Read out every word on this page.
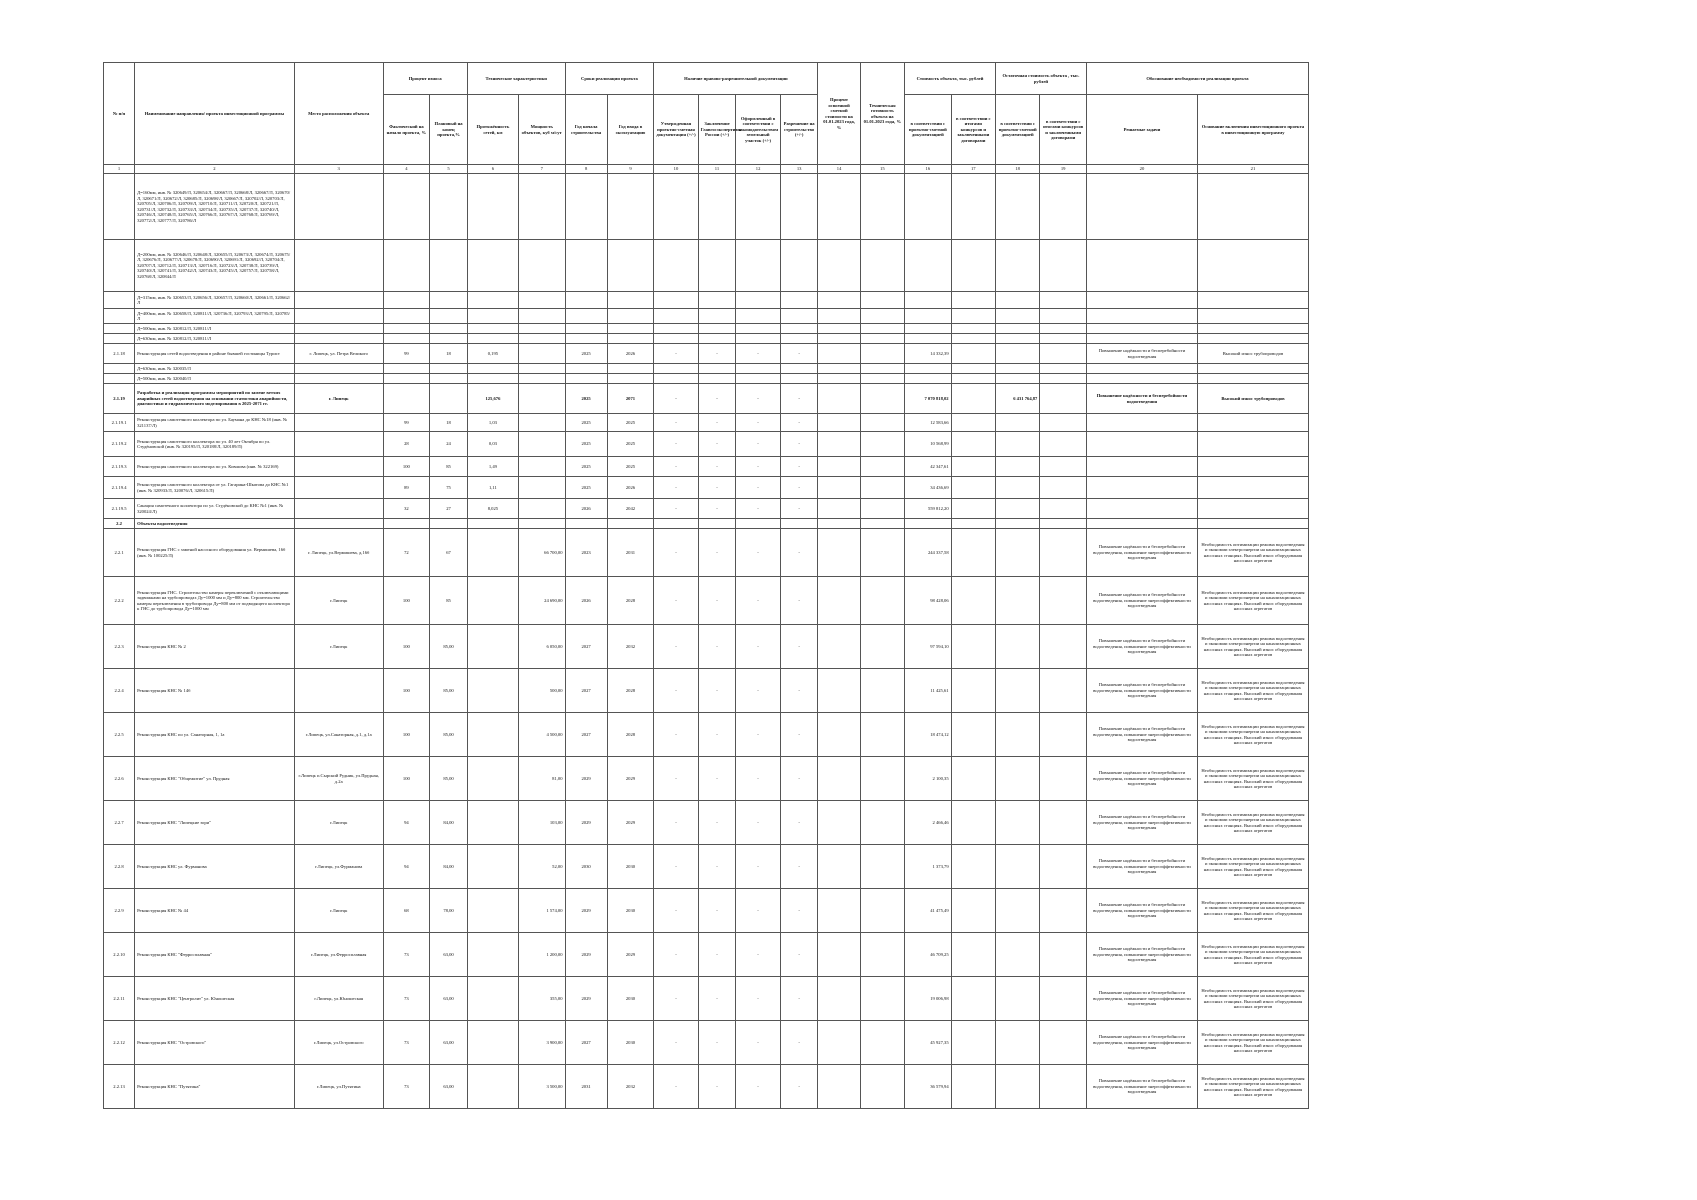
№ п/п	Наименование направления/ проекта инвестиционной программы	Место расположения объекта	Процент износа		Технические характеристики		Сроки реализации проекта		Наличие правово-разрешительной документации				Процент освоенной сметной стоимости на 01.01.2023 года, %	Техническая готовность объекта на 01.01.2023 года, %	Стоимость объекта, тыс. рублей		Остаточная стоимость объекта , тыс. рублей		Обоснование необходимости реализации проекта	
			Фактический на начало проекта, %	Плановый на конец проекта,%	Протяжённость сетей, км	Мощность объектов, куб м/сут	Год начала строительства	Год ввода в эксплуатацию	Утвержденная проектно-сметная документация (+/-)	Заключение Главгосэкспертизы России (+/-)	Оформленный в соответствии с законодательством земельный участок (+/-)	Разрешение на строительство (+/-)			в соответствии с проектно-сметной документацией	в соответствии с итогами конкурсов и заключенными договорами	в соответствии с проектно-сметной документацией	в соответствии с итогами конкурсов и заключенными договорами	Решаемые задачи	Основание включения инвестиционного проекта в инвестиционную программу
1	2	3	4	5	6	7	8	9	10	11	12	13	14	15	16	17	18	19	20	21
	Д=160мм, инв. № 320649/Л, 320654/Л, 320667/Л, 320668/Л, 320667/Л, 320670/Л, 320671/Л, 320672/Л, 320685/Л, 320698/Л, 320667/Л, 320702/Л, 320703/Л, 320705/Л, 320706/Л, 320709/Л, 320710/Л, 320711/Л, 320720/Л, 320721/Л, 320731/Л, 320732/Л, 320733/Л, 320734/Л, 320735/Л, 320737/Л, 320740/Л, 320746/Л, 320748/Л, 320765/Л, 320766/Л, 320767/Л, 320768/Л, 320769/Л, 320772/Л, 320777/Л, 320786/Л																			
	Д=200мм, инв. № 320646/Л, 320648/Л, 320655/Л, 320673/Л, 320674/Л, 320675/Л, 320676/Л, 320677/Л, 320678/Л, 320690/Л, 320691/Л, 320692/Л, 320704/Л, 320707/Л, 320712/Л, 320713/Л, 320716/Л, 320723/Л, 320738/Л, 320739/Л, 320740/Л, 320741/Л, 320742/Л, 320743/Л, 320745/Л, 320757/Л, 320758/Л, 320768/Л, 320844/Л																			
	Д=315мм, инв. № 320653/Л, 320656/Л, 320657/Л, 320660/Л, 320661/Л, 320662/Л																			
	Д=400мм, инв. № 320658/Л, 320811/Л, 320736/Л, 320793/Л, 320795/Л, 320785/Л																			
	Д=500мм, инв. № 320812/Л, 320811/Л																			
	Д=630мм, инв. № 320812/Л, 320811/Л																			
2.1.18	Реконструкция сетей водоотведения в районе бывшей гостиницы Турист	г. Липецк, ул. Петра Великого	99	18	0,195		2025	2026	-	-	-	-			14 332,39				Повышение надёжности и бесперебойности водоотведения	Высокий износ трубопроводов
	Д=630мм, инв. № 320035/Л																			
	Д=500мм, инв. № 320040/Л																			
2.1.19	Разработка и реализация программы мероприятий по замене ветхих аварийных сетей водоотведения на основании статистики аварийности, диагностики и гидравлического моделирования в 2025-2071 гг.	г. Липецк			125,676		2025	2071	-	-	-	-			7 070 818,02		6 431 764,87		Повышение надёжности и бесперебойности водоотведения	Высокий износ трубопроводов
2.1.19.1	Реконструкция самотечного коллектора по ул. Баумана до КНС №18 (инв. № 321137/Л)		99	18	1,03		2025	2025	-	-	-	-			12 583,66					
2.1.19.2	Реконструкция самотечного коллектора по ул. 40 лет Октября по ул. Студёновской (инв. № 320195/Л, 320188/Л, 320189/Л)		28	24	0,03		2025	2025	-	-	-	-			10 568,99					
2.1.19.3	Реконструкция самотечного коллектора по ул. Ковшова (инв. № 322169)		100	85	1,49		2025	2025	-	-	-	-			42 347,61					
2.1.19.4	Реконструкция самотечного коллектора от ул. Гагарина-Шкатова до КНС №1 (инв. № 320933/Л, 320076/Л, 320615/Л)		89	75	1,11		2025	2026	-	-	-	-			34 436,69					
2.1.19.5	Санация самотечного коллектора по ул. Студёновской до КНС №1 (инв. № 320024/Л)		32	27	8,025		2026	2042	-	-	-	-			559 812,20					
2.2	Объекты водоотведения																			
2.2.1	Реконструкция ГНС с заменой насосного оборудования ул. Вермишева, 16б (инв. № 100225/Л)	г. Липецк, ул.Вермишева, д.16б	72	67		66 700,00	2023	2031	-	-	-	-			244 337,58				Повышение надёжности и бесперебойности водоотведения, повышение энергоэффективности водоотведения	Необходимость оптимизации режима водоотведения и экономии электроэнергии на канализационных насосных станциях. Высокий износ оборудования насосных агрегатов
2.2.2	Реконструкция ГНС. Строительство камеры переключений с отключающими задвижками на трубопроводах Ду=1000 мм и Ду=800 мм. Строительство камеры переключения в трубопровода Ду=800 мм от подводящего коллектора к ГНС до трубопровода Ду=1000 мм	г.Липецк	100	85		24 690,00	2026	2028	-	-	-	-			98 428,06				Повышение надёжности и бесперебойности водоотведения, повышение энергоэффективности водоотведения	Необходимость оптимизации режима водоотведения и экономии электроэнергии на канализационных насосных станциях. Высокий износ оборудования насосных агрегатов
2.2.3	Реконструкция КНС № 2	г.Липецк	100	85,00		6 050,00	2027	2032	-	-	-	-			97 594,10				Повышение надёжности и бесперебойности водоотведения, повышение энергоэффективности водоотведения	Необходимость оптимизации режима водоотведения и экономии электроэнергии на канализационных насосных станциях. Высокий износ оборудования насосных агрегатов
2.2.4	Реконструкция КНС № 14б		100	85,00		500,00	2027	2028	-	-	-	-			11 425,61				Повышение надёжности и бесперебойности водоотведения, повышение энергоэффективности водоотведения	Необходимость оптимизации режима водоотведения и экономии электроэнергии на канализационных насосных станциях. Высокий износ оборудования насосных агрегатов
2.2.5	Реконструкция КНС по ул. Санаторная, 1, 1а	г.Липецк, ул.Санаторная, д.1, д.1а	100	85,00		4 500,00	2027	2028	-	-	-	-			18 474,12				Повышение надёжности и бесперебойности водоотведения, повышение энергоэффективности водоотведения	Необходимость оптимизации режима водоотведения и экономии электроэнергии на канализационных насосных станциях. Высокий износ оборудования насосных агрегатов
2.2.6	Реконструкция КНС "Общежитие" ул. Прудная	г.Липецк п.Сырский Рудник, ул.Прудная, д.2а	100	85,00		81,00	2029	2029	-	-	-	-			2 100,35				Повышение надёжности и бесперебойности водоотведения, повышение энергоэффективности водоотведения	Необходимость оптимизации режима водоотведения и экономии электроэнергии на канализационных насосных станциях. Высокий износ оборудования насосных агрегатов
2.2.7	Реконструкция КНС "Липецкие зори"	г.Липецк	94	84,00		103,00	2029	2029	-	-	-	-			2 466,46				Повышение надёжности и бесперебойности водоотведения, повышение энергоэффективности водоотведения	Необходимость оптимизации режима водоотведения и экономии электроэнергии на канализационных насосных станциях. Высокий износ оборудования насосных агрегатов
2.2.8	Реконструкция КНС ул. Фурманова	г.Липецк, ул.Фурманова	94	84,00		52,00	2030	2030	-	-	-	-			1 373,79				Повышение надёжности и бесперебойности водоотведения, повышение энергоэффективности водоотведения	Необходимость оптимизации режима водоотведения и экономии электроэнергии на канализационных насосных станциях. Высокий износ оборудования насосных агрегатов
2.2.9	Реконструкция КНС № 44	г.Липецк	68	78,00		1 574,00	2029	2030	-	-	-	-			41 475,49				Повышение надёжности и бесперебойности водоотведения, повышение энергоэффективности водоотведения	Необходимость оптимизации режима водоотведения и экономии электроэнергии на канализационных насосных станциях. Высокий износ оборудования насосных агрегатов
2.2.10	Реконструкция КНС "Ферросплавная"	г.Липецк, ул.Ферросплавная	73	63,00		1 200,00	2029	2029	-	-	-	-			46 709,25				Повышение надёжности и бесперебойности водоотведения, повышение энергоэффективности водоотведения	Необходимость оптимизации режима водоотведения и экономии электроэнергии на канализационных насосных станциях. Высокий износ оборудования насосных агрегатов
2.2.11	Реконструкция КНС "Центролит" ул. Юношеская	г.Липецк, ул.Юношеская	73	63,00		355,00	2029	2030	-	-	-	-			19 006,98				Повышение надёжности и бесперебойности водоотведения, повышение энергоэффективности водоотведения	Необходимость оптимизации режима водоотведения и экономии электроэнергии на канализационных насосных станциях. Высокий износ оборудования насосных агрегатов
2.2.12	Реконструкция КНС "Островского"	г.Липецк, ул.Островского	73	63,00		3 900,00	2027	2030	-	-	-	-			45 927,35				Повышение надёжности и бесперебойности водоотведения, повышение энергоэффективности водоотведения	Необходимость оптимизации режима водоотведения и экономии электроэнергии на канализационных насосных станциях. Высокий износ оборудования насосных агрегатов
2.2.13	Реконструкция КНС "Путятина"	г.Липецк, ул.Путятина	73	63,00		3 500,00	2031	2032	-	-	-	-			36 579,94				Повышение надёжности и бесперебойности водоотведения, повышение энергоэффективности водоотведения	Необходимость оптимизации режима водоотведения и экономии электроэнергии на канализационных насосных станциях. Высокий износ оборудования насосных агрегатов
